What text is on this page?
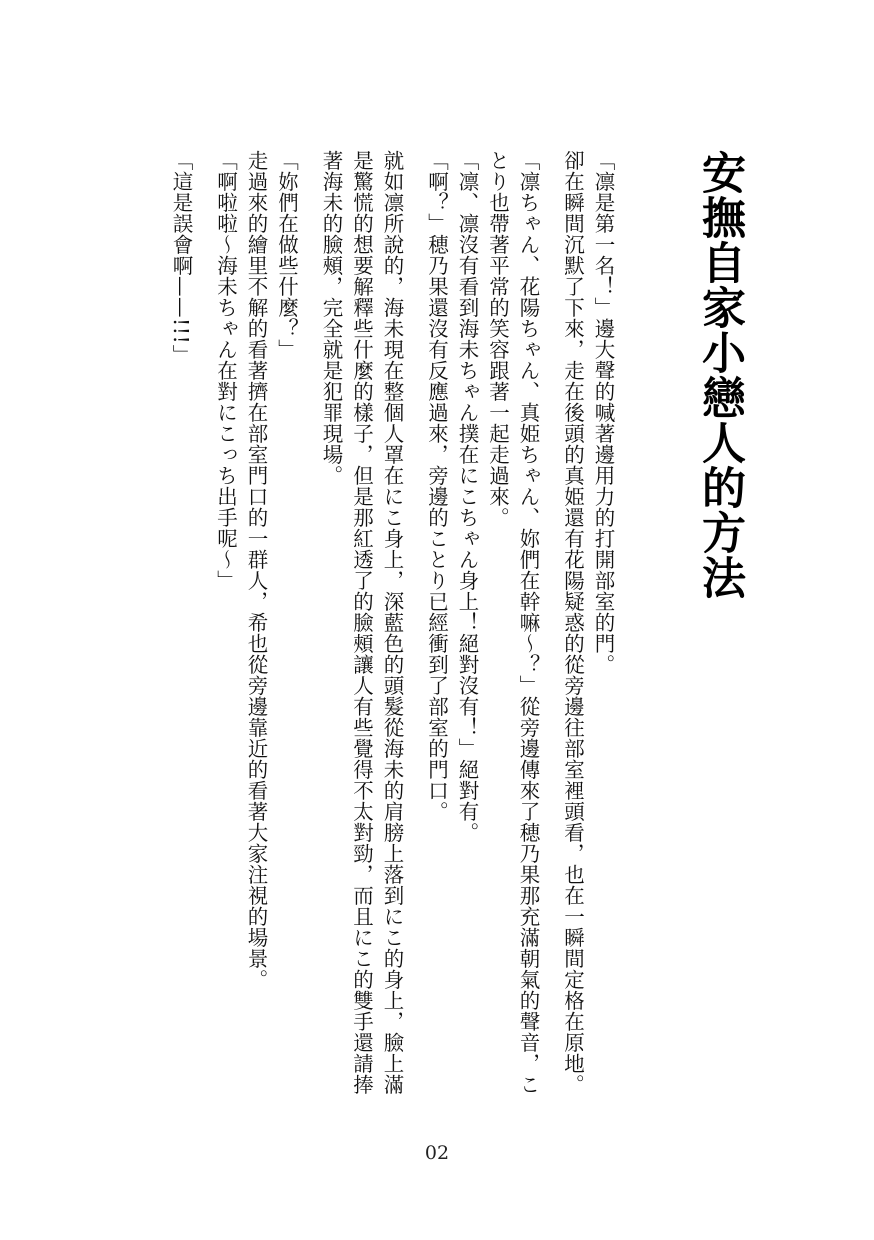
安撫自家小戀人的方法

「凛是第一名！」邊大聲的喊著邊用力的打開部室的門。

卻在瞬間沉默了下來，走在後頭的真姫還有花陽疑惑的從旁邊往部室裡頭看，也在一瞬間定格在原地。

「凛ちゃん、花陽ちゃん、真姫ちゃん、妳們在幹嘛～？」從旁邊傳來了穂乃果那充滿朝氣的聲音，ことり也帶著平常的笑容跟著一起走過來。

「凛、凛沒有看到海未ちゃん撲在にこちゃん身上！絕對沒有！」絕對有。

「啊？」穂乃果還沒有反應過來，旁邊的ことり已經衝到了部室的門口。

就如凛所說的，海未現在整個人罩在にこ身上，深藍色的頭髮從海未的肩膀上落到にこ的身上，臉上滿是驚慌的想要解釋些什麼的樣子，但是那紅透了的臉頰讓人有些覺得不太對勁，而且にこ的雙手還請捧著海未的臉頰，完全就是犯罪現場。

「妳們在做些什麼？」

走過來的繪里不解的看著擠在部室門口的一群人，希也從旁邊靠近的看著大家注視的場景。

「啊啦啦～海未ちゃん在對にこっち出手呢～」

「這是誤會啊——!!!」

02
